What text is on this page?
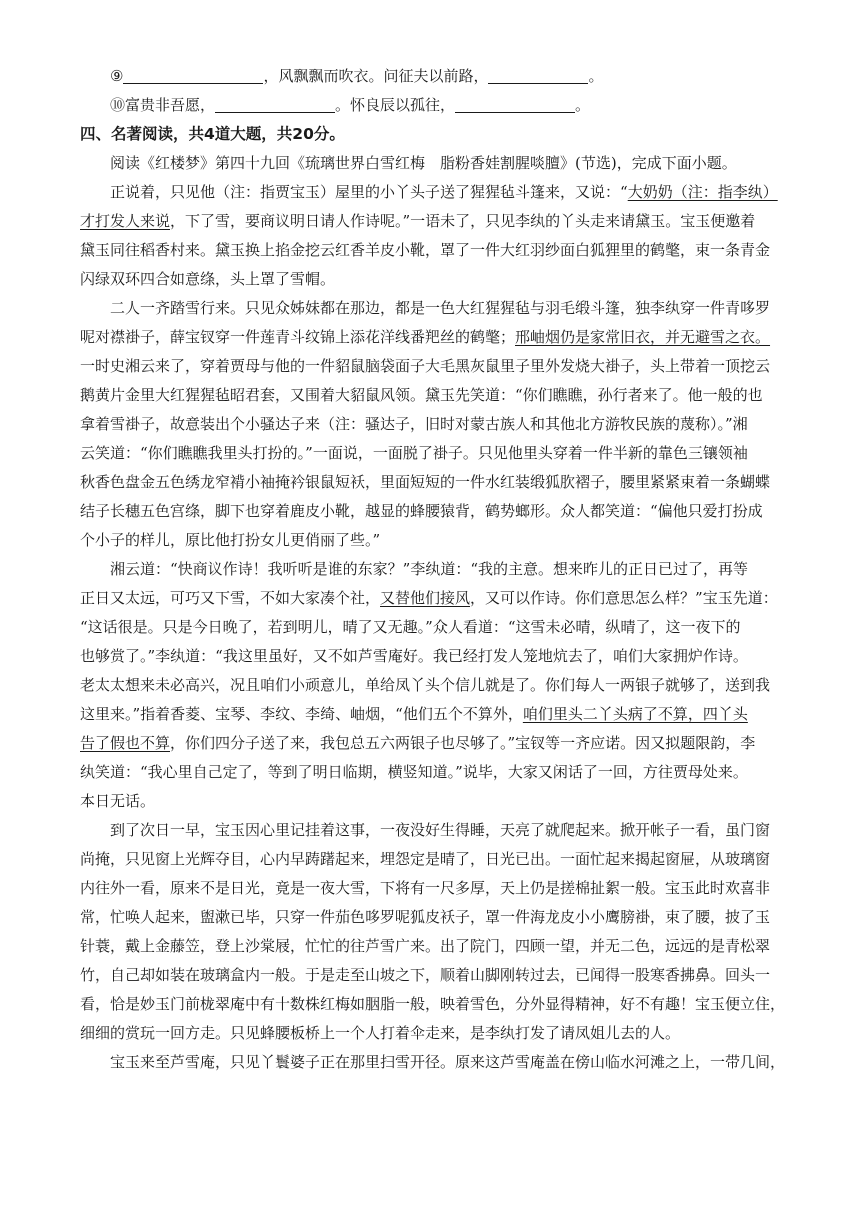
⑨	，风飘飘而吹衣。问征夫以前路，	。
⑩富贵非吾愿，	。怀良辰以孤往，	。
四、名著阅读，共4道大题，共20分。
阅读《红楼梦》第四十九回《琉璃世界白雪红梅　脂粉香娃割腥啖膻》(节选)，完成下面小题。
正说着，只见他（注：指贾宝玉）屋里的小丫头子送了猩猩毡斗篷来，又说：“大奶奶（注：指李纨）
才打发人来说，下了雪，要商议明日请人作诗呢。”一语未了，只见李纨的丫头走来请黛玉。宝玉便邀着
黛玉同往稻香村来。黛玉换上掐金挖云红香羊皮小靴，罩了一件大红羽纱面白狐狸里的鹤氅，束一条青金
闪绿双环四合如意绦，头上罩了雪帽。
二人一齐踏雪行来。只见众姊妹都在那边，都是一色大红猩猩毡与羽毛缎斗篷，独李纨穿一件青哆罗
呢对襟褂子，薛宝钗穿一件莲青斗纹锦上添花洋线番羓丝的鹤氅；邢岫烟仍是家常旧衣，并无避雪之衣。
一时史湘云来了，穿着贾母与他的一件貂鼠脑袋面子大毛黑灰鼠里子里外发烧大褂子，头上带着一顶挖云
鹅黄片金里大红猩猩毡昭君套，又围着大貂鼠风领。黛玉先笑道：“你们瞧瞧，孙行者来了。他一般的也
拿着雪褂子，故意装出个小骚达子来（注：骚达子，旧时对蒙古族人和其他北方游牧民族的蔑称）。”湘
云笑道：“你们瞧瞧我里头打扮的。”一面说，一面脱了褂子。只见他里头穿着一件半新的靠色三镶领袖
秋香色盘金五色绣龙窄褙小袖掩衿银鼠短袄，里面短短的一件水红装缎狐肷褶子，腰里紧紧束着一条蝴蝶
结子长穗五色宫绦，脚下也穿着鹿皮小靴，越显的蜂腰猿背，鹤势螂形。众人都笑道：“偏他只爱打扮成
个小子的样儿，原比他打扮女儿更俏丽了些。”
湘云道：“快商议作诗！我听听是谁的东家？”李纨道：“我的主意。想来昨儿的正日已过了，再等
正日又太远，可巧又下雪，不如大家凑个社，又替他们接风，又可以作诗。你们意思怎么样？”宝玉先道：
“这话很是。只是今日晚了，若到明儿，晴了又无趣。”众人看道：“这雪未必晴，纵晴了，这一夜下的
也够赏了。”李纨道：“我这里虽好，又不如芦雪庵好。我已经打发人笼地炕去了，咱们大家拥炉作诗。
老太太想来未必高兴，况且咱们小顽意儿，单给凤丫头个信儿就是了。你们每人一两银子就够了，送到我
这里来。”指着香菱、宝琴、李纹、李绮、岫烟，“他们五个不算外，咱们里头二丫头病了不算，四丫头
告了假也不算，你们四分子送了来，我包总五六两银子也尽够了。”宝钗等一齐应诺。因又拟题限韵，李
纨笑道：“我心里自己定了，等到了明日临期，横竖知道。”说毕，大家又闲话了一回，方往贾母处来。
本日无话。
到了次日一早，宝玉因心里记挂着这事，一夜没好生得睡，天亮了就爬起来。掀开帐子一看，虽门窗
尚掩，只见窗上光辉夺目，心内早踌躇起来，埋怨定是晴了，日光已出。一面忙起来揭起窗屉，从玻璃窗
内往外一看，原来不是日光，竟是一夜大雪，下将有一尺多厚，天上仍是搓棉扯絮一般。宝玉此时欢喜非
常，忙唤人起来，盥漱已毕，只穿一件茄色哆罗呢狐皮袄子，罩一件海龙皮小小鹰膀褂，束了腰，披了玉
针蓑，戴上金藤笠，登上沙棠屐，忙忙的往芦雪广来。出了院门，四顾一望，并无二色，远远的是青松翠
竹，自己却如装在玻璃盒内一般。于是走至山坡之下，顺着山脚刚转过去，已闻得一股寒香拂鼻。回头一
看，恰是妙玉门前栊翠庵中有十数株红梅如胭脂一般，映着雪色，分外显得精神，好不有趣！宝玉便立住，
细细的赏玩一回方走。只见蜂腰板桥上一个人打着伞走来，是李纨打发了请凤姐儿去的人。
宝玉来至芦雪庵，只见丫鬟婆子正在那里扫雪开径。原来这芦雪庵盖在傍山临水河滩之上，一带几间，
